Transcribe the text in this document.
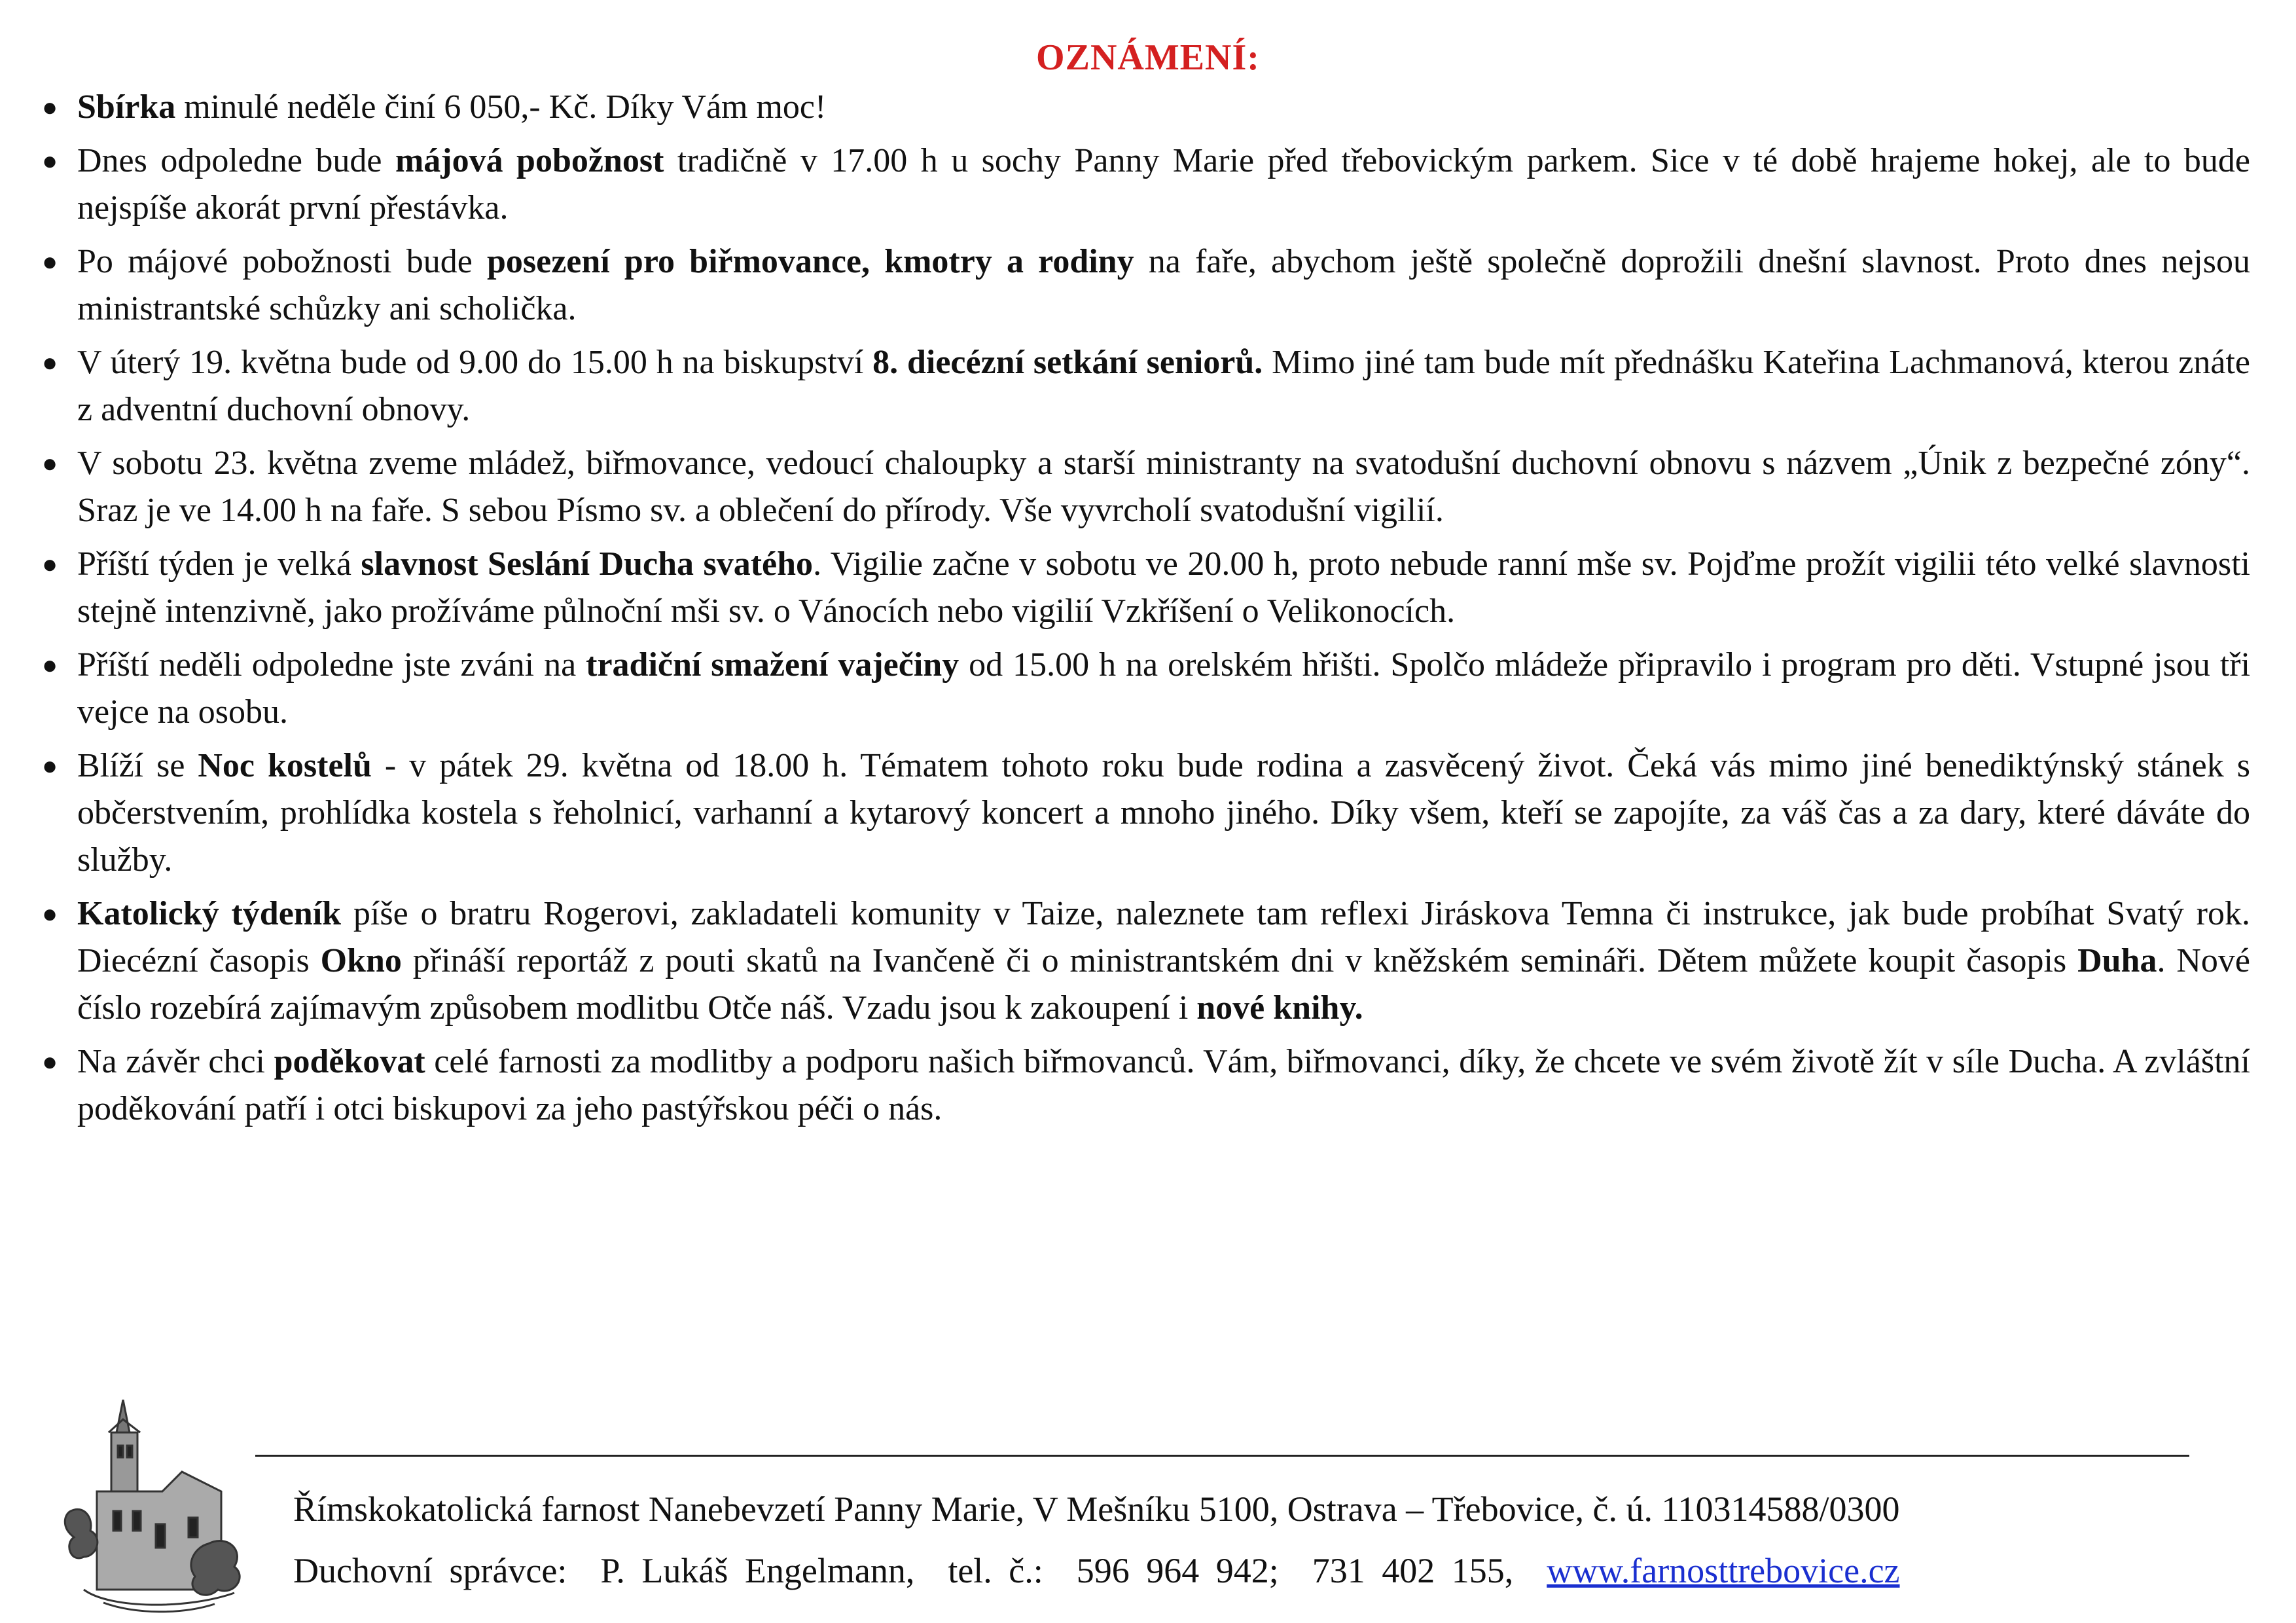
OZNÁMENÍ:
● Sbírka minulé neděle činí 6 050,- Kč. Díky Vám moc!
● Dnes odpoledne bude májová pobožnost tradičně v 17.00 h u sochy Panny Marie před třebovickým parkem. Sice v té době hrajeme hokej, ale to bude nejspíše akorát první přestávka.
● Po májové pobožnosti bude posezení pro biřmovance, kmotry a rodiny na faře, abychom ještě společně doprožili dnešní slavnost. Proto dnes nejsou ministrantské schůzky ani scholička.
● V úterý 19. května bude od 9.00 do 15.00 h na biskupství 8. diecézní setkání seniorů. Mimo jiné tam bude mít přednášku Kateřina Lachmanová, kterou znáte z adventní duchovní obnovy.
● V sobotu 23. května zveme mládež, biřmovance, vedoucí chaloupky a starší ministranty na svatodušní duchovní obnovu s názvem „Únik z bezpečné zóny“. Sraz je ve 14.00 h na faře. S sebou Písmo sv. a oblečení do přírody. Vše vyvrcholí svatodušní vigilií.
● Příští týden je velká slavnost Seslání Ducha svatého. Vigilie začne v sobotu ve 20.00 h, proto nebude ranní mše sv. Pojďme prožít vigilii této velké slavnosti stejně intenzivně, jako prožíváme půlnoční mši sv. o Vánocích nebo vigilií Vzkříšení o Velikonocích.
● Příští neděli odpoledne jste zváni na tradiční smažení vaječiny od 15.00 h na orelském hřišti. Spolčo mládeže připravilo i program pro děti. Vstupné jsou tři vejce na osobu.
● Blíží se Noc kostelů - v pátek 29. května od 18.00 h. Tématem tohoto roku bude rodina a zasvěcený život. Čeká vás mimo jiné benediktýnský stánek s občerstvením, prohlídka kostela s řeholnicí, varhanní a kytarový koncert a mnoho jiného. Díky všem, kteří se zapojíte, za váš čas a za dary, které dáváte do služby.
● Katolický týdeník píše o bratru Rogerovi, zakladateli komunity v Taize, naleznete tam reflexi Jiráskova Temna či instrukce, jak bude probíhat Svatý rok. Diecézní časopis Okno přináší reportáž z pouti skatů na Ivančeně či o ministrantském dni v kněžském semináři. Dětem můžete koupit časopis Duha. Nové číslo rozebírá zajímavým způsobem modlitbu Otče náš. Vzadu jsou k zakoupení i nové knihy.
● Na závěr chci poděkovat celé farnosti za modlitby a podporu našich biřmovanců. Vám, biřmovanci, díky, že chcete ve svém životě žít v síle Ducha. A zvláštní poděkování patří i otci biskupovi za jeho pastýřskou péči o nás.
Římskokatolická farnost Nanebevzetí Panny Marie, V Mešníku 5100, Ostrava – Třebovice, č. ú. 110314588/0300
Duchovní správce:  P. Lukáš Engelmann,  tel. č.:  596 964 942;  731 402 155,  www.farnosttrebovice.cz
